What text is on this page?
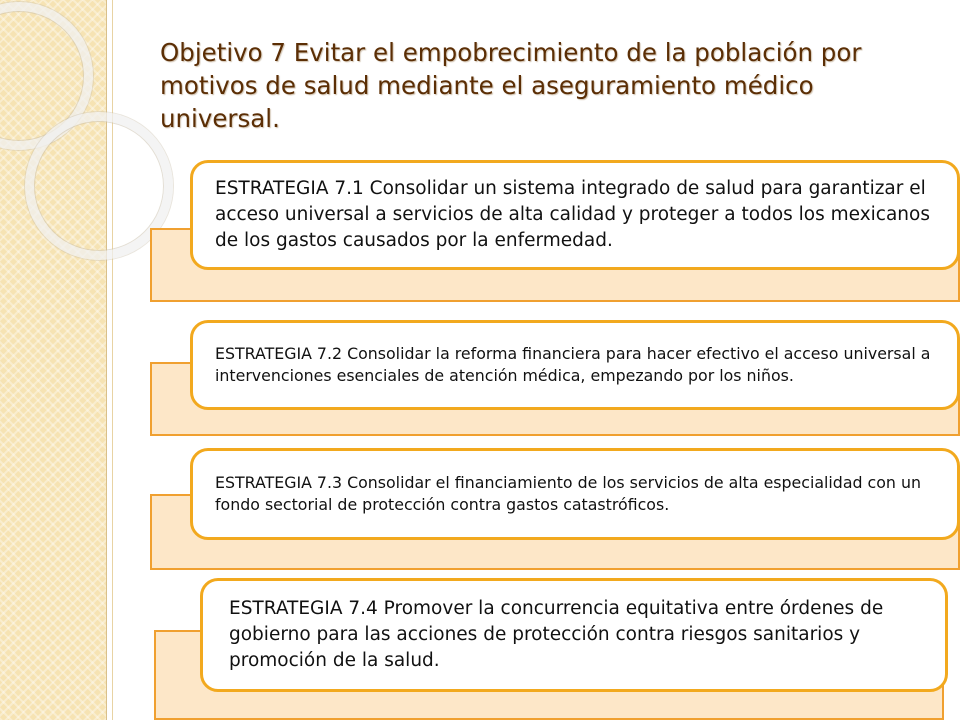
Objetivo 7 Evitar el empobrecimiento de la población por motivos de salud mediante el aseguramiento médico universal.
ESTRATEGIA 7.1 Consolidar un sistema integrado de salud para garantizar el acceso universal a servicios de alta calidad y proteger a todos los mexicanos de los gastos causados por la enfermedad.
ESTRATEGIA 7.2 Consolidar la reforma financiera para hacer efectivo el acceso universal a intervenciones esenciales de atención médica, empezando por los niños.
ESTRATEGIA 7.3 Consolidar el financiamiento de los servicios de alta especialidad con un fondo sectorial de protección contra gastos catastróficos.
ESTRATEGIA 7.4 Promover la concurrencia equitativa entre órdenes de gobierno para las acciones de protección contra riesgos sanitarios y promoción de la salud.
